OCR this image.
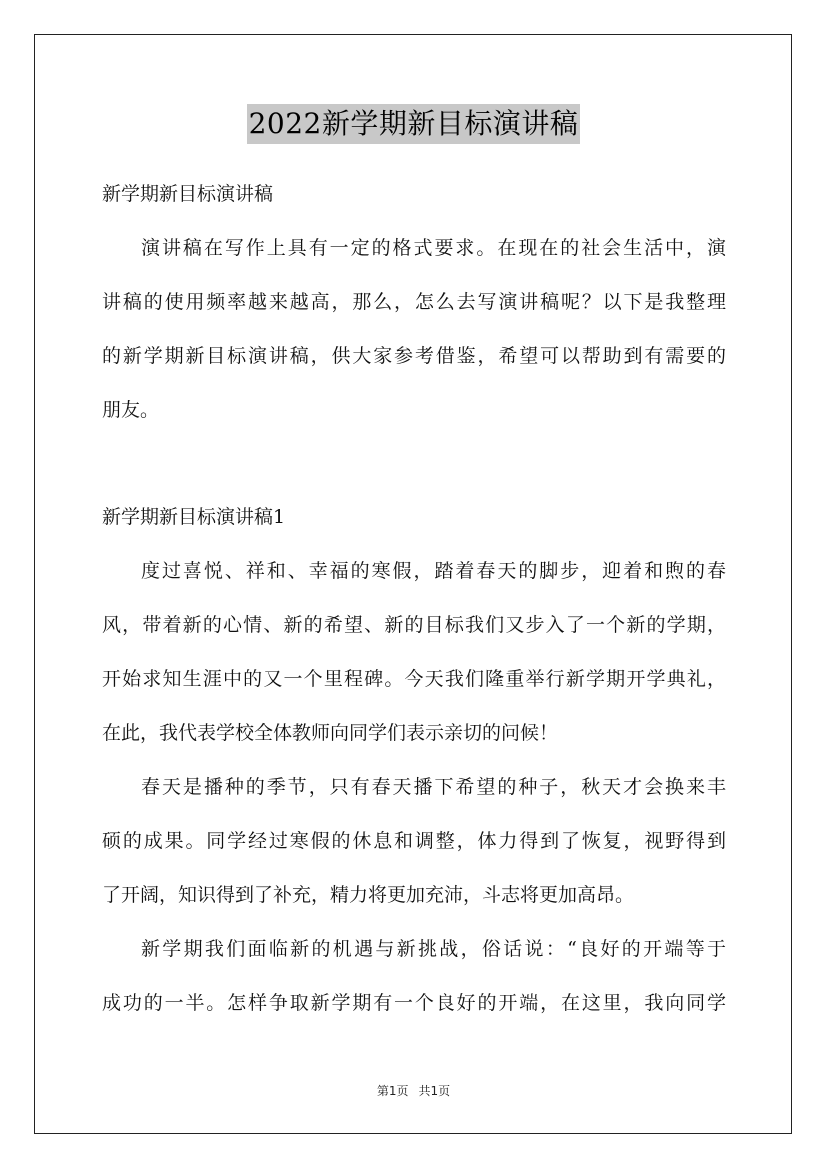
2022新学期新目标演讲稿
新学期新目标演讲稿
演讲稿在写作上具有一定的格式要求。在现在的社会生活中，演
讲稿的使用频率越来越高，那么，怎么去写演讲稿呢？以下是我整理
的新学期新目标演讲稿，供大家参考借鉴，希望可以帮助到有需要的
朋友。
新学期新目标演讲稿1
度过喜悦、祥和、幸福的寒假，踏着春天的脚步，迎着和煦的春
风，带着新的心情、新的希望、新的目标我们又步入了一个新的学期，
开始求知生涯中的又一个里程碑。今天我们隆重举行新学期开学典礼，
在此，我代表学校全体教师向同学们表示亲切的问候！
春天是播种的季节，只有春天播下希望的种子，秋天才会换来丰
硕的成果。同学经过寒假的休息和调整，体力得到了恢复，视野得到
了开阔，知识得到了补充，精力将更加充沛，斗志将更加高昂。
新学期我们面临新的机遇与新挑战，俗话说：“良好的开端等于
成功的一半。怎样争取新学期有一个良好的开端，在这里，我向同学
第1页 共1页
